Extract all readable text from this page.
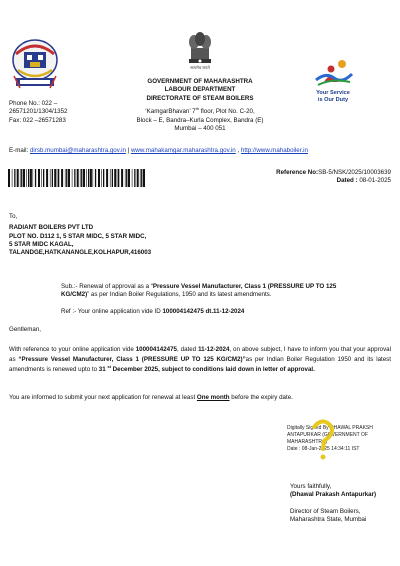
सत्यमेव जयते
Phone No.: 022 –
26571201/1304/1352
Fax: 022 –26571283
GOVERNMENT OF MAHARASHTRA
LABOUR DEPARTMENT
DIRECTORATE OF STEAM BOILERS
‘KamgarBhavan’ 7th floor, Plot No. C-20,
Block – E, Bandra–Kurla Complex, Bandra (E)
Mumbai – 400 051
Your Service
is Our Duty
E-mail: dirsb.mumbai@maharashtra.gov.in | www.mahakamgar.maharashtra.gov.in , http://www.mahaboiler.in
Reference No:SB-5/NSK/2025/10003639
Dated : 08-01-2025
To,
RADIANT BOILERS PVT LTD
PLOT NO. D112 1, 5 STAR MIDC, 5 STAR MIDC,
5 STAR MIDC KAGAL,
TALANDGE,HATKANANGLE,KOLHAPUR,416003
Sub.:- Renewal of approval as a “Pressure Vessel Manufacturer, Class 1 (PRESSURE UP TO 125 KG/CM2)” as per Indian Boiler Regulations, 1950 and its latest amendments.
Ref :- Your online application vide ID 100004142475 dt.11-12-2024
Gentleman,
With reference to your online application vide 100004142475, dated 11-12-2024, on above subject, I have to inform you that your approval as “Pressure Vessel Manufacturer, Class 1 (PRESSURE UP TO 125 KG/CM2)”as per Indian Boiler Regulation 1950 and its latest amendments is renewed upto to 31 $^{st}$ December 2025, subject to conditions laid down in letter of approval.
You are informed to submit your next application for renewal at least One month before the expiry date.
Digitally Signed By DHAWAL PRAKSH
ANTAPURKAR (GOVERNMENT OF
MAHARASHTRA)
Date : 08-Jan-2025 14:34:11 IST
Yours faithfully,
(Dhawal Prakash Antapurkar)
Director of Steam Boilers,
Maharashtra State, Mumbai
